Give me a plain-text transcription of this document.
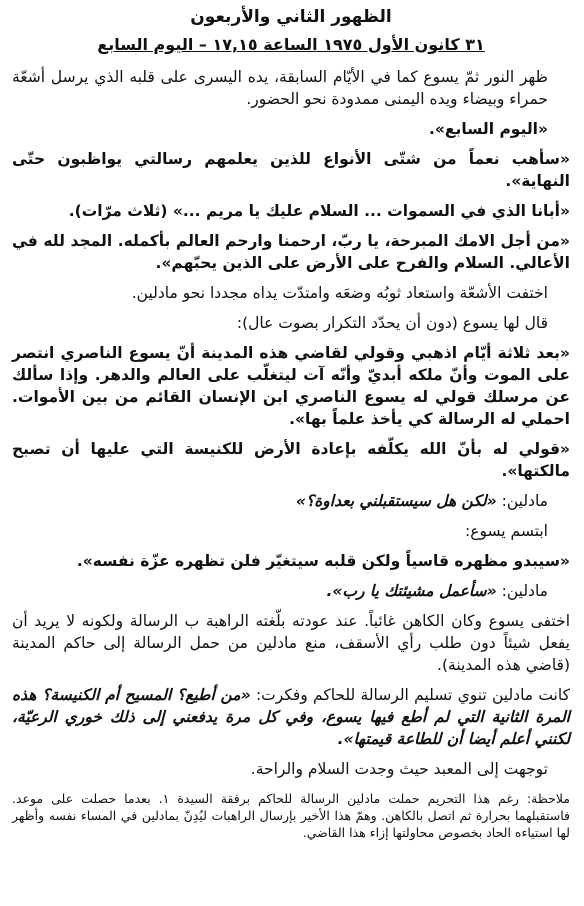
الظهور الثاني والأربعون
٣١ كانون الأول ١٩٧٥ الساعة ١٧,١٥ – اليوم السابع

ظهر النور ثمّ يسوع كما في الأيّام السابقة، يده اليسرى على قلبه الذي يرسل أشعّة حمراء وبيضاء ويده اليمنى ممدودة نحو الحضور.

«اليوم السابع».

«سأهب نعماً من شتّى الأنواع للذين يعلمهم رسالتي يواظبون حتّى النهاية».

«أبانا الذي في السموات ... السلام عليك يا مريم ...» (ثلاث مرّات).

«من أجل الامك المبرحة، يا ربّ، ارحمنا وارحم العالم بأكمله. المجد لله في الأعالي. السلام والفرح على الأرض على الذين يحبّهم».

اختفت الأشعّة واستعاد ثوبُه وضعَه وامتدّت يداه مجددا نحو مادلين.

قال لها يسوع (دون أن يحدّد التكرار بصوت عال):

«بعد ثلاثة أيّام اذهبي وقولي لقاضي هذه المدينة أنّ يسوع الناصري انتصر على الموت وأنّ ملكه أبديّ وأنّه آت ليتغلّب على العالم والدهر. وإذا سألك عن مرسلك قولي له يسوع الناصري ابن الإنسان القائم من بين الأموات. احملي له الرسالة كي يأخذ علماً بها».

«قولي له بأنّ الله يكلّفه بإعادة الأرض للكنيسة التي عليها أن تصبح مالكتها».

مادلين: «لكن هل سيستقبلني بعداوة؟»

ابتسم يسوع:

«سيبدو مظهره قاسياً ولكن قلبه سيتغيّر فلن تظهره عزّة نفسه».

مادلين: «سأعمل مشيئتك يا رب».

اختفى يسوع وكان الكاهن غائباً. عند عودته بلّغته الراهبة ب الرسالة ولكونه لا يريد أن يفعل شيئاً دون طلب رأي الأسقف، منع مادلين من حمل الرسالة إلى حاكم المدينة (قاضي هذه المدينة).

كانت مادلين تنوي تسليم الرسالة للحاكم وفكرت: «من أطيع؟ المسيح أم الكنيسة؟ هذه المرة الثانية التي لم أطع فيها يسوع، وفي كل مرة يدفعني إلى ذلك خوري الرعيّة، لكنني أعلم أيضا أن للطاعة قيمتها».

توجهت إلى المعبد حيث وجدت السلام والراحة.

ملاحظة: رغم هذا التحريم حملت مادلين الرسالة للحاكم برفقة السيدة ١. بعدما حصلت على موعد. فاستقبلهما بحرارة ثم اتصل بالكاهن. وهمّ هذا الأخير بإرسال الراهبات ليُدِنّ بمادلين في المساء نفسه وأظهر لها استياءه الحاد بخصوص محاولتها إزاء هذا القاضي.
